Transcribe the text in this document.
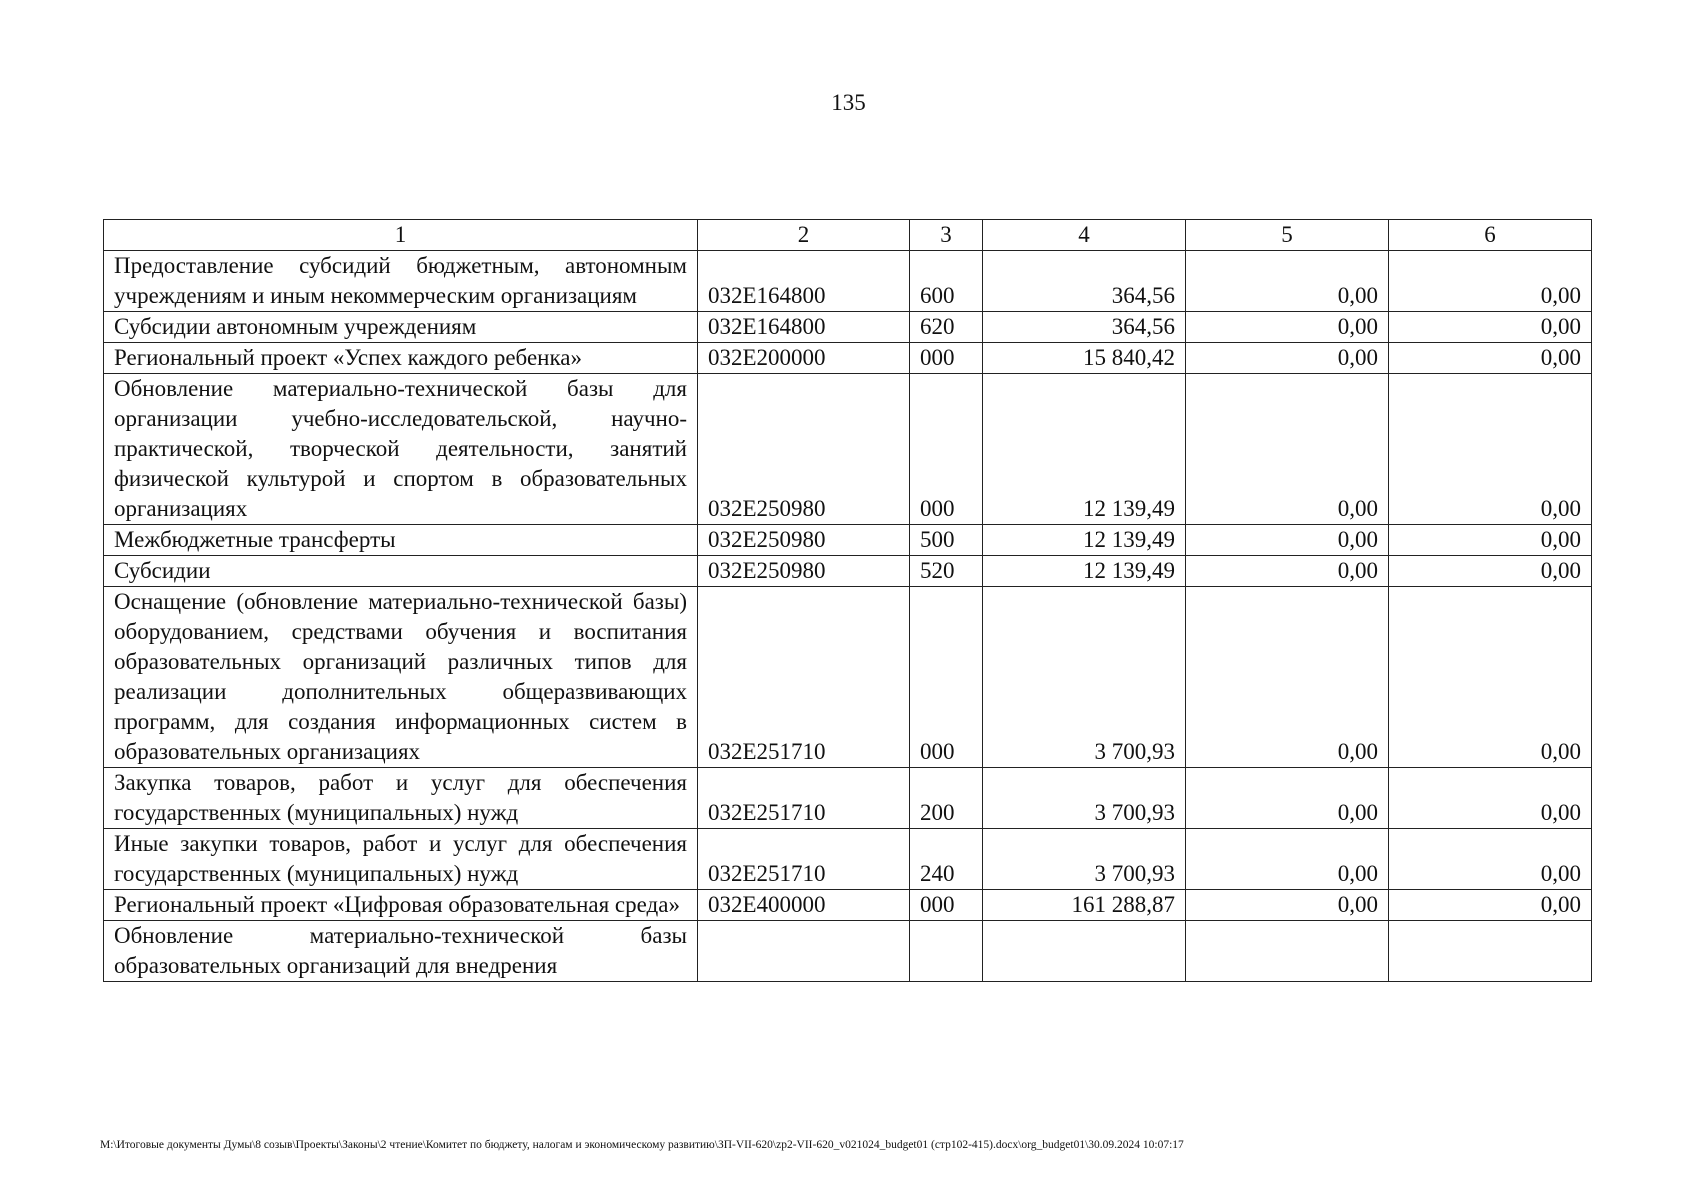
135
1	2	3	4	5	6
Предоставление субсидий бюджетным, автономным учреждениям и иным некоммерческим организациям	032Е164800	600	364,56	0,00	0,00
Субсидии автономным учреждениям	032Е164800	620	364,56	0,00	0,00
Региональный проект «Успех каждого ребенка»	032Е200000	000	15 840,42	0,00	0,00
Обновление материально-технической базы для организации учебно-исследовательской, научно-практической, творческой деятельности, занятий физической культурой и спортом в образовательных организациях	032Е250980	000	12 139,49	0,00	0,00
Межбюджетные трансферты	032Е250980	500	12 139,49	0,00	0,00
Субсидии	032Е250980	520	12 139,49	0,00	0,00
Оснащение (обновление материально-технической базы) оборудованием, средствами обучения и воспитания образовательных организаций различных типов для реализации дополнительных общеразвивающих программ, для создания информационных систем в образовательных организациях	032Е251710	000	3 700,93	0,00	0,00
Закупка товаров, работ и услуг для обеспечения государственных (муниципальных) нужд	032Е251710	200	3 700,93	0,00	0,00
Иные закупки товаров, работ и услуг для обеспечения государственных (муниципальных) нужд	032Е251710	240	3 700,93	0,00	0,00
Региональный проект «Цифровая образовательная среда»	032Е400000	000	161 288,87	0,00	0,00
Обновление материально-технической базы образовательных организаций для внедрения					
M:\Итоговые документы Думы\8 созыв\Проекты\Законы\2 чтение\Комитет по бюджету, налогам и экономическому развитию\ЗП-VII-620\zp2-VII-620_v021024_budget01 (стр102-415).docx\org_budget01\30.09.2024 10:07:17
